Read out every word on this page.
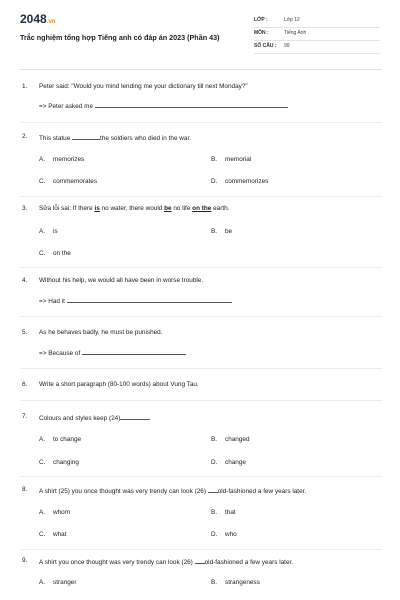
2048.vn
Trắc nghiệm tổng hợp Tiếng anh có đáp án 2023 (Phần 43)
LỚP :	Lớp 12
MÔN :	Tiếng Anh
SỐ CÂU : 99
1. Peter said: "Would you mind lending me your dictionary till next Monday?"
=> Peter asked me
2. This statue	the soldiers who died in the war.
A. memorizes	B. memorial
C. commemorates	D. commemorizes
3. Sửa lỗi sai: If there is no water, there would be no life on the earth.
A. is	B. be
C. on the
4. Without his help, we would all have been in worse trouble.
=> Had it
5. As he behaves badly, he must be punished.
=> Because of
6. Write a short paragraph (80-100 words) about Vung Tau.
7. Colours and styles keep (24)
A. to change	B. changed
C. changing	D. change
8. A shirt (25) you once thought was very trendy can look (26) old-fashioned a few years later.
A. whom	B. that
C. what	D. who
9. A shirt you once thought was very trendy can look (26) old-fashioned a few years later.
A. stranger	B. strangeness
